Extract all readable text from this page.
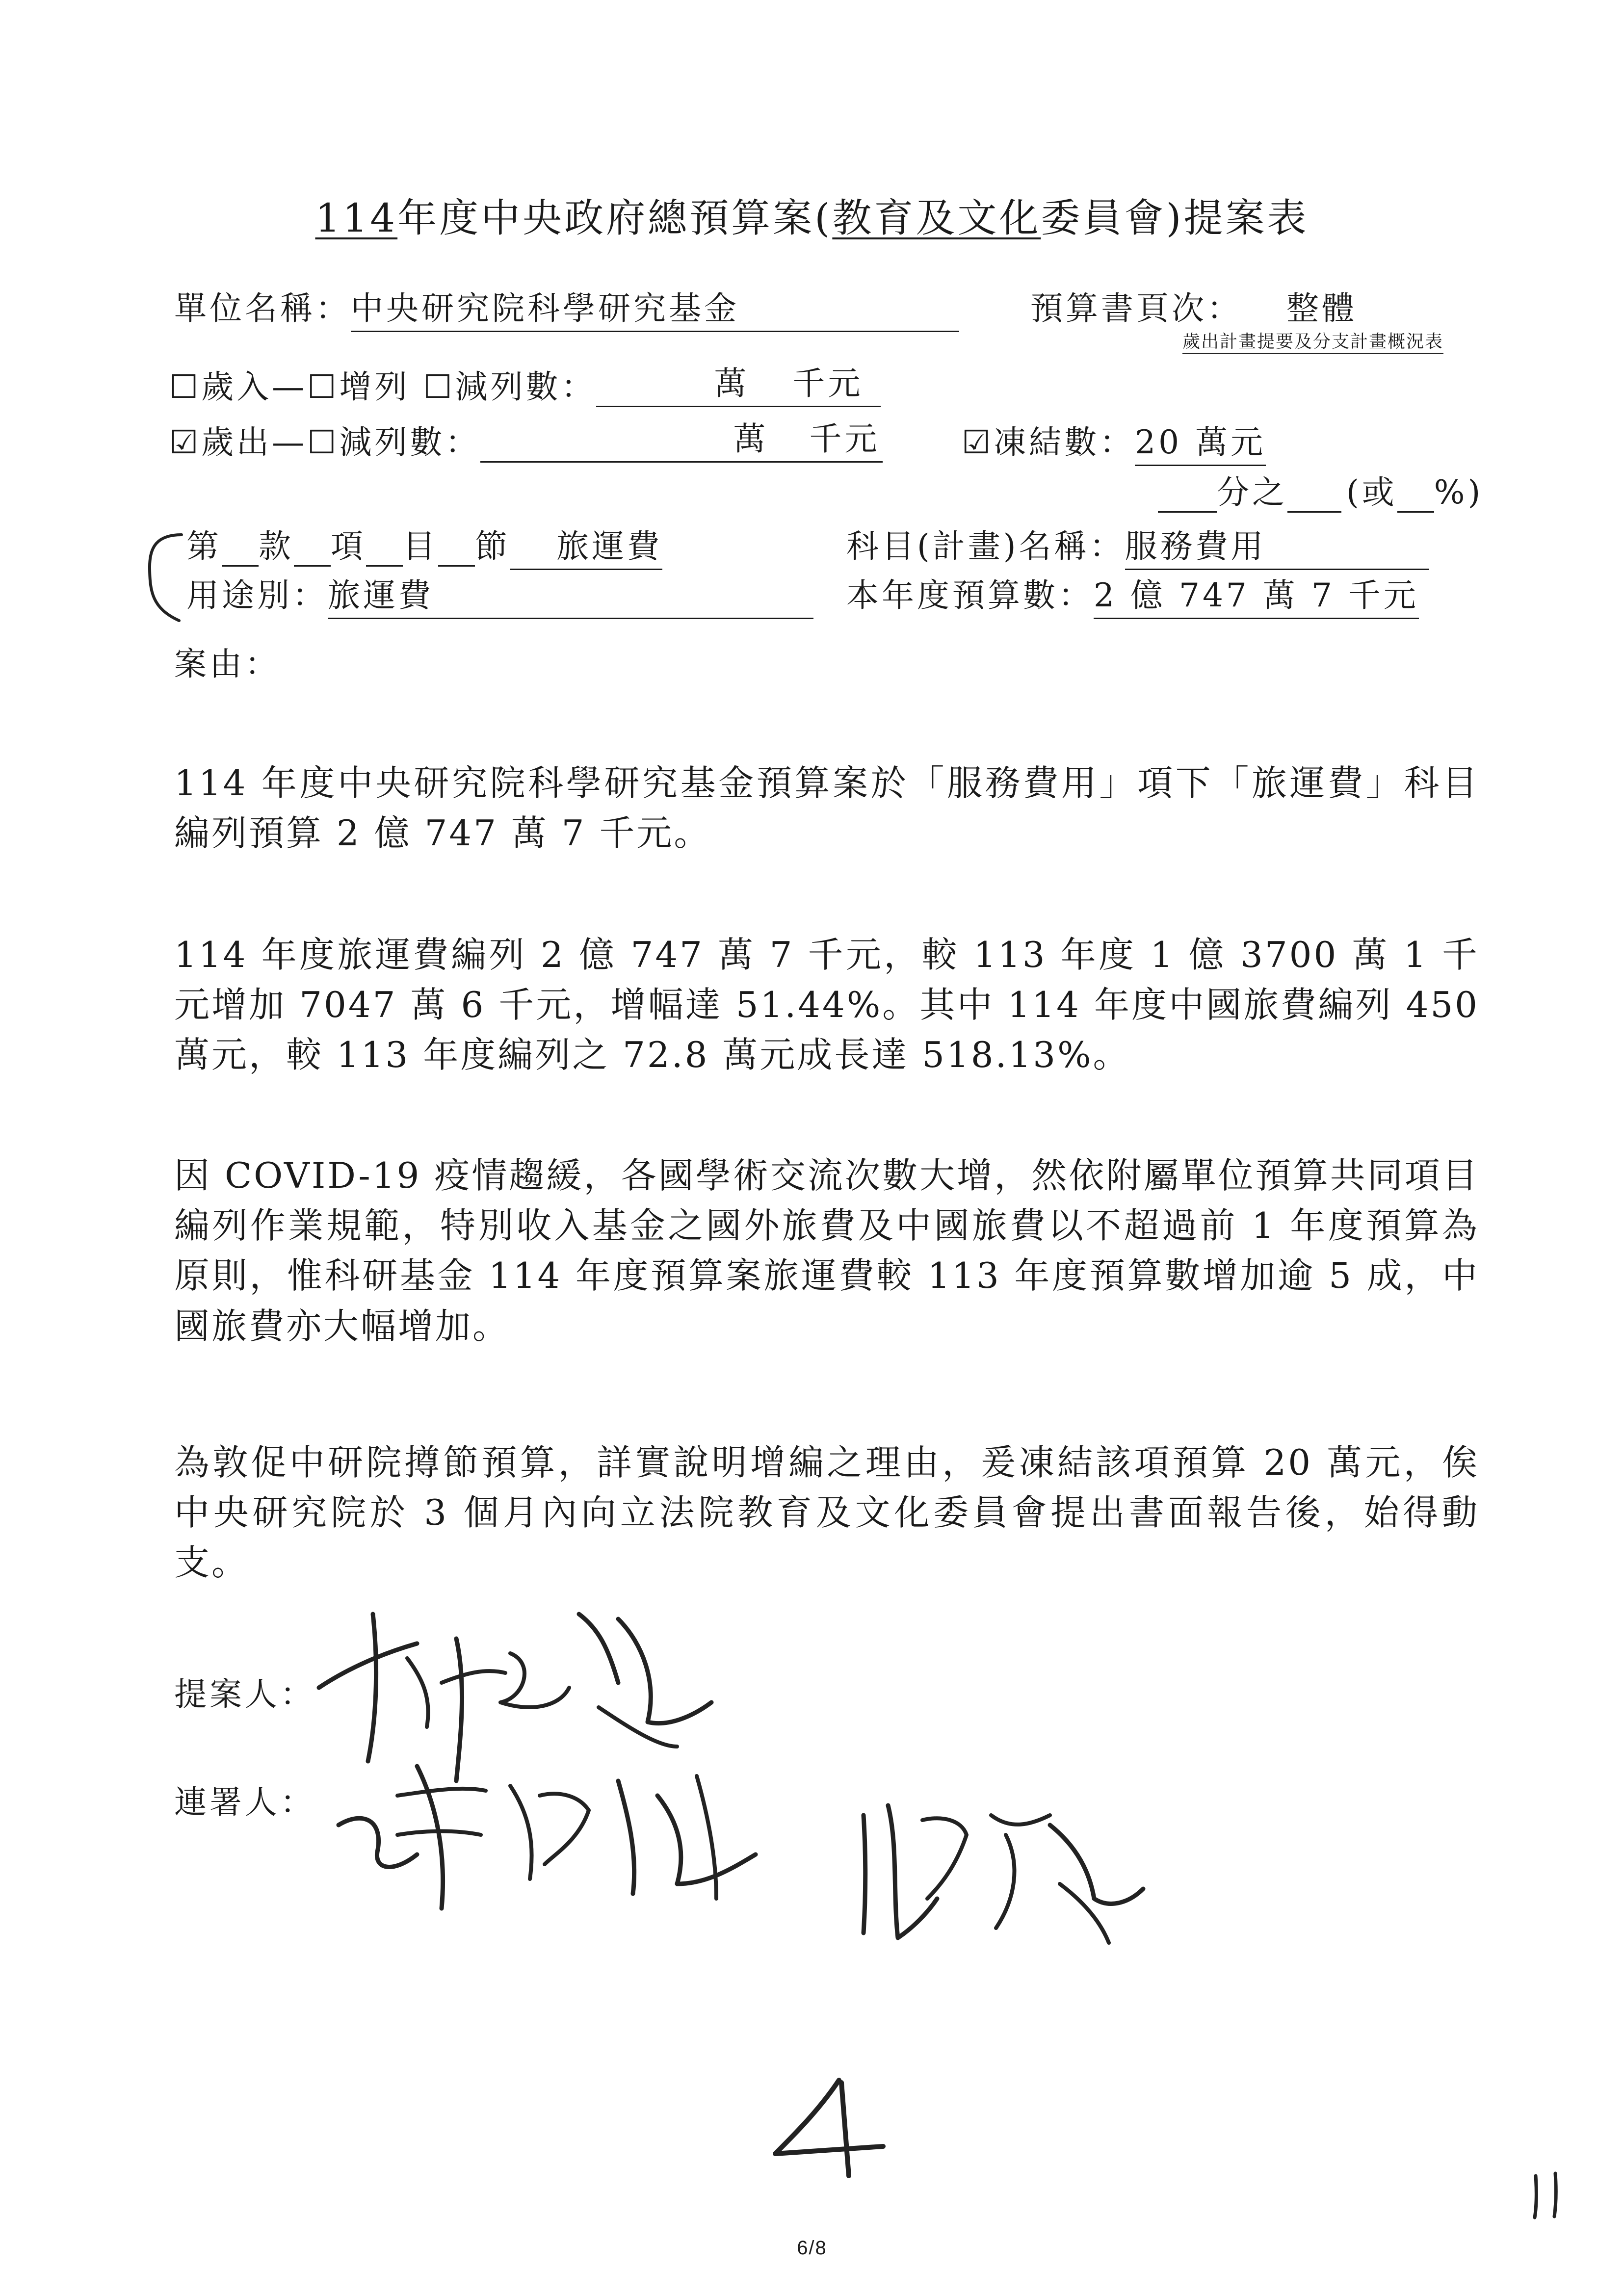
114年度中央政府總預算案(教育及文化委員會)提案表
單位名稱：中央研究院科學研究基金	預算書頁次： 整體
歲出計畫提要及分支計畫概況表
☐歲入—☐增列 ☐減列數：	萬 千元

☑歲出—☐減列數：	萬 千元
	☑凍結數：20 萬元
分之 (或 %)
第 款 項 目 節 旅運費	科目(計畫)名稱：服務費用
用途別：旅運費	本年度預算數：2 億 747 萬 7 千元
案由：
114 年度中央研究院科學研究基金預算案於「服務費用」項下「旅運費」科目編列預算 2 億 747 萬 7 千元。
114 年度旅運費編列 2 億 747 萬 7 千元，較 113 年度 1 億 3700 萬 1 千元增加 7047 萬 6 千元，增幅達 51.44%。其中 114 年度中國旅費編列 450 萬元，較 113 年度編列之 72.8 萬元成長達 518.13%。
因 COVID-19 疫情趨緩，各國學術交流次數大增，然依附屬單位預算共同項目編列作業規範，特別收入基金之國外旅費及中國旅費以不超過前 1 年度預算為原則，惟科研基金 114 年度預算案旅運費較 113 年度預算數增加逾 5 成，中國旅費亦大幅增加。
為敦促中研院撙節預算，詳實說明增編之理由，爰凍結該項預算 20 萬元，俟中央研究院於 3 個月內向立法院教育及文化委員會提出書面報告後，始得動支。
提案人：
連署人：
6/8
